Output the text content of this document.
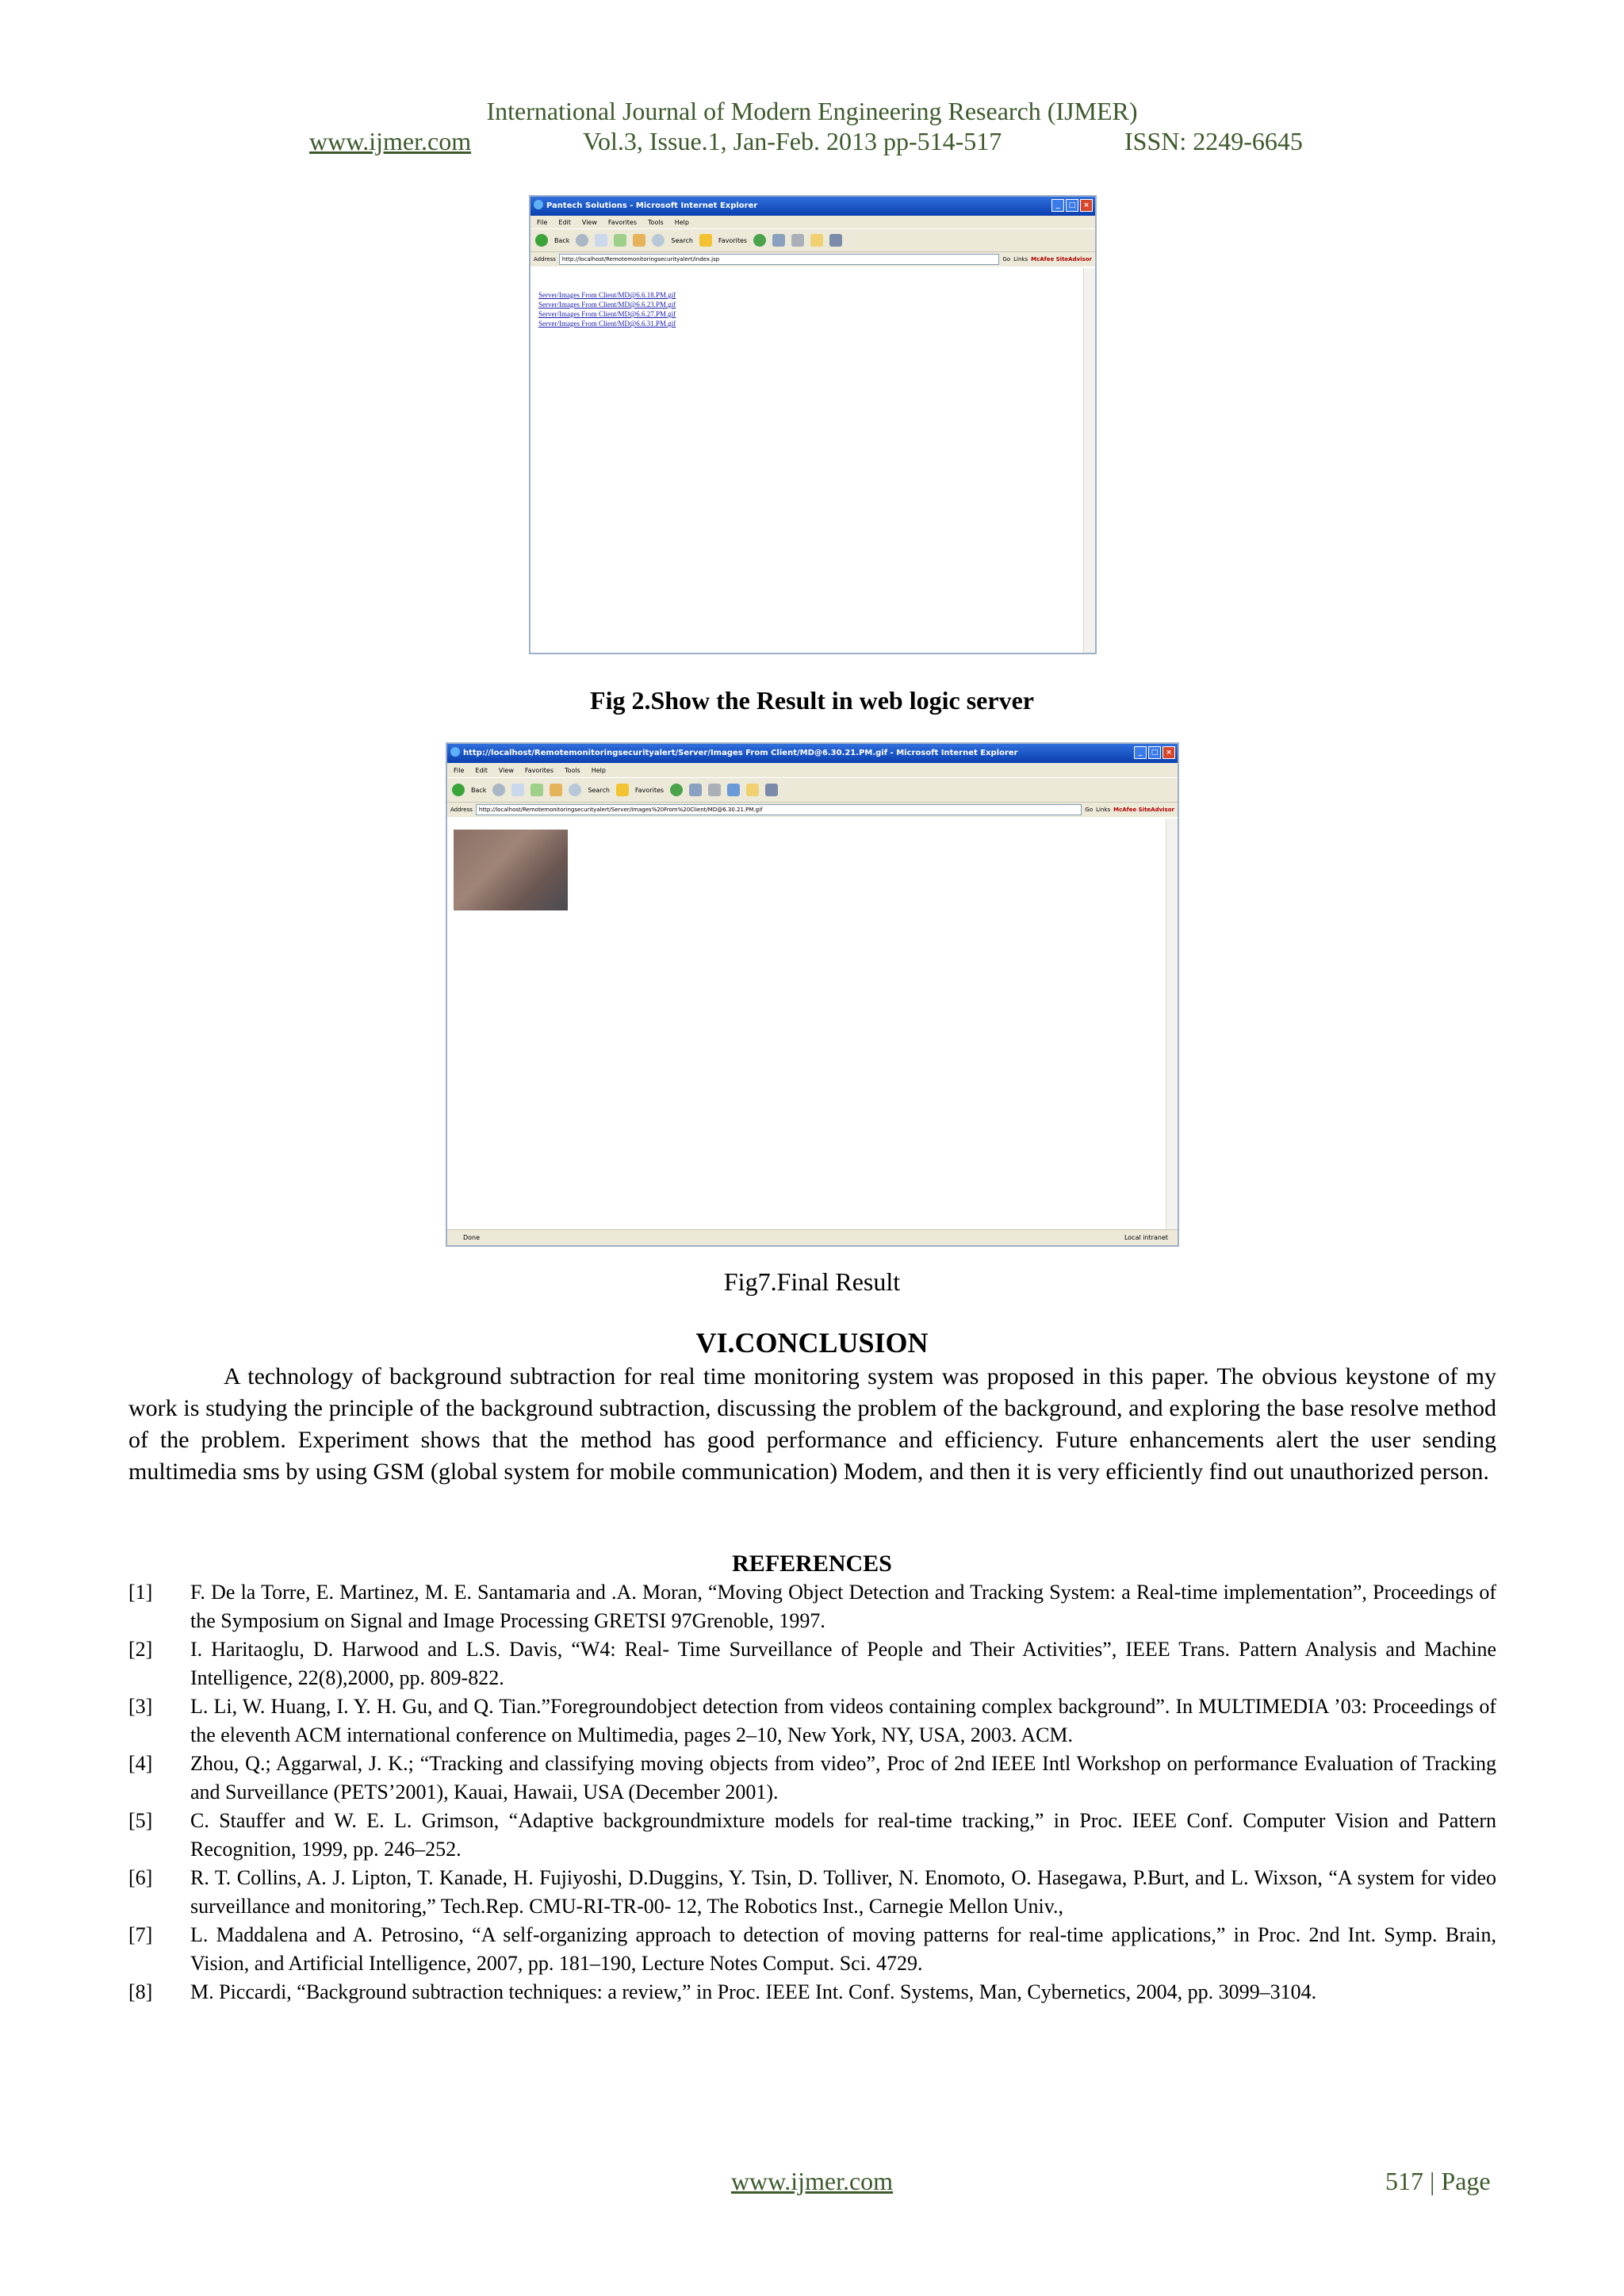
International Journal of Modern Engineering Research (IJMER)
www.ijmer.com	Vol.3, Issue.1, Jan-Feb. 2013 pp-514-517	ISSN: 2249-6645
Pantech Solutions - Microsoft Internet Explorer	_	□	×
File Edit View Favorites Tools Help
Back	Search	Favorites
Address	http://localhost/Remotemonitoringsecurityalert/index.jsp	Go Links McAfee SiteAdvisor
Server/Images From Client/MD@6.6.18.PM.gif
Server/Images From Client/MD@6.6.23.PM.gif
Server/Images From Client/MD@6.6.27.PM.gif
Server/Images From Client/MD@6.6.31.PM.gif
Fig 2.Show the Result in web logic server
http://localhost/Remotemonitoringsecurityalert/Server/Images From Client/MD@6.30.21.PM.gif - Microsoft Internet Explorer	_	□	×
File Edit View Favorites Tools Help
Back	Search	Favorites
Address	http://localhost/Remotemonitoringsecurityalert/Server/Images%20From%20Client/MD@6.30.21.PM.gif	Go Links McAfee SiteAdvisor
Done	Local intranet
Fig7.Final Result
VI.CONCLUSION
A technology of background subtraction for real time monitoring system was proposed in this paper. The obvious keystone of my work is studying the principle of the background subtraction, discussing the problem of the background, and exploring the base resolve method of the problem. Experiment shows that the method has good performance and efficiency. Future enhancements alert the user sending multimedia sms by using GSM (global system for mobile communication) Modem, and then it is very efficiently find out unauthorized person.
REFERENCES
[1] F. De la Torre, E. Martinez, M. E. Santamaria and .A. Moran, “Moving Object Detection and Tracking System: a Real-time implementation”, Proceedings of the Symposium on Signal and Image Processing GRETSI 97Grenoble, 1997.
[2] I. Haritaoglu, D. Harwood and L.S. Davis, “W4: Real- Time Surveillance of People and Their Activities”, IEEE Trans. Pattern Analysis and Machine Intelligence, 22(8),2000, pp. 809-822.
[3] L. Li, W. Huang, I. Y. H. Gu, and Q. Tian.”Foregroundobject detection from videos containing complex background”. In MULTIMEDIA ’03: Proceedings of the eleventh ACM international conference on Multimedia, pages 2–10, New York, NY, USA, 2003. ACM.
[4] Zhou, Q.; Aggarwal, J. K.; “Tracking and classifying moving objects from video”, Proc of 2nd IEEE Intl Workshop on performance Evaluation of Tracking and Surveillance (PETS’2001), Kauai, Hawaii, USA (December 2001).
[5] C. Stauffer and W. E. L. Grimson, “Adaptive backgroundmixture models for real-time tracking,” in Proc. IEEE Conf. Computer Vision and Pattern Recognition, 1999, pp. 246–252.
[6] R. T. Collins, A. J. Lipton, T. Kanade, H. Fujiyoshi, D.Duggins, Y. Tsin, D. Tolliver, N. Enomoto, O. Hasegawa, P.Burt, and L. Wixson, “A system for video surveillance and monitoring,” Tech.Rep. CMU-RI-TR-00- 12, The Robotics Inst., Carnegie Mellon Univ.,
[7] L. Maddalena and A. Petrosino, “A self-organizing approach to detection of moving patterns for real-time applications,” in Proc. 2nd Int. Symp. Brain, Vision, and Artificial Intelligence, 2007, pp. 181–190, Lecture Notes Comput. Sci. 4729.
[8] M. Piccardi, “Background subtraction techniques: a review,” in Proc. IEEE Int. Conf. Systems, Man, Cybernetics, 2004, pp. 3099–3104.
www.ijmer.com	517 | Page
